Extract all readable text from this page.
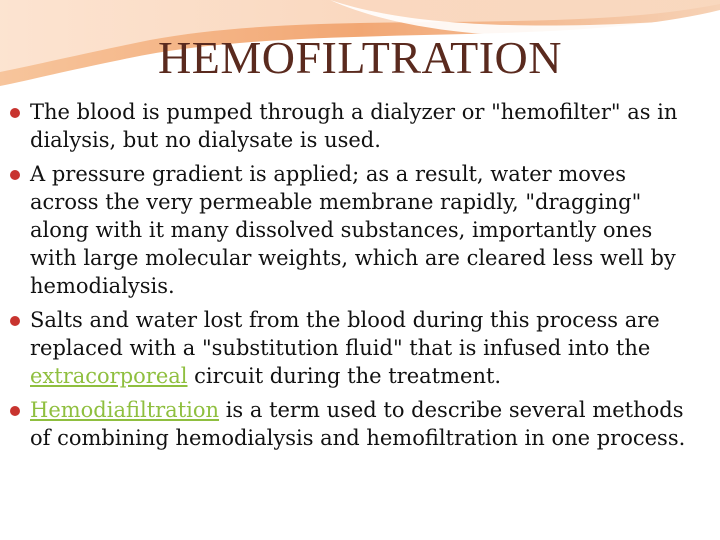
HEMOFILTRATION
The blood is pumped through a dialyzer or "hemofilter" as in dialysis, but no dialysate is used.
A pressure gradient is applied; as a result, water moves across the very permeable membrane rapidly, "dragging" along with it many dissolved substances, importantly ones with large molecular weights, which are cleared less well by hemodialysis.
Salts and water lost from the blood during this process are replaced with a "substitution fluid" that is infused into the extracorporeal circuit during the treatment.
Hemodiafiltration is a term used to describe several methods of combining hemodialysis and hemofiltration in one process.
